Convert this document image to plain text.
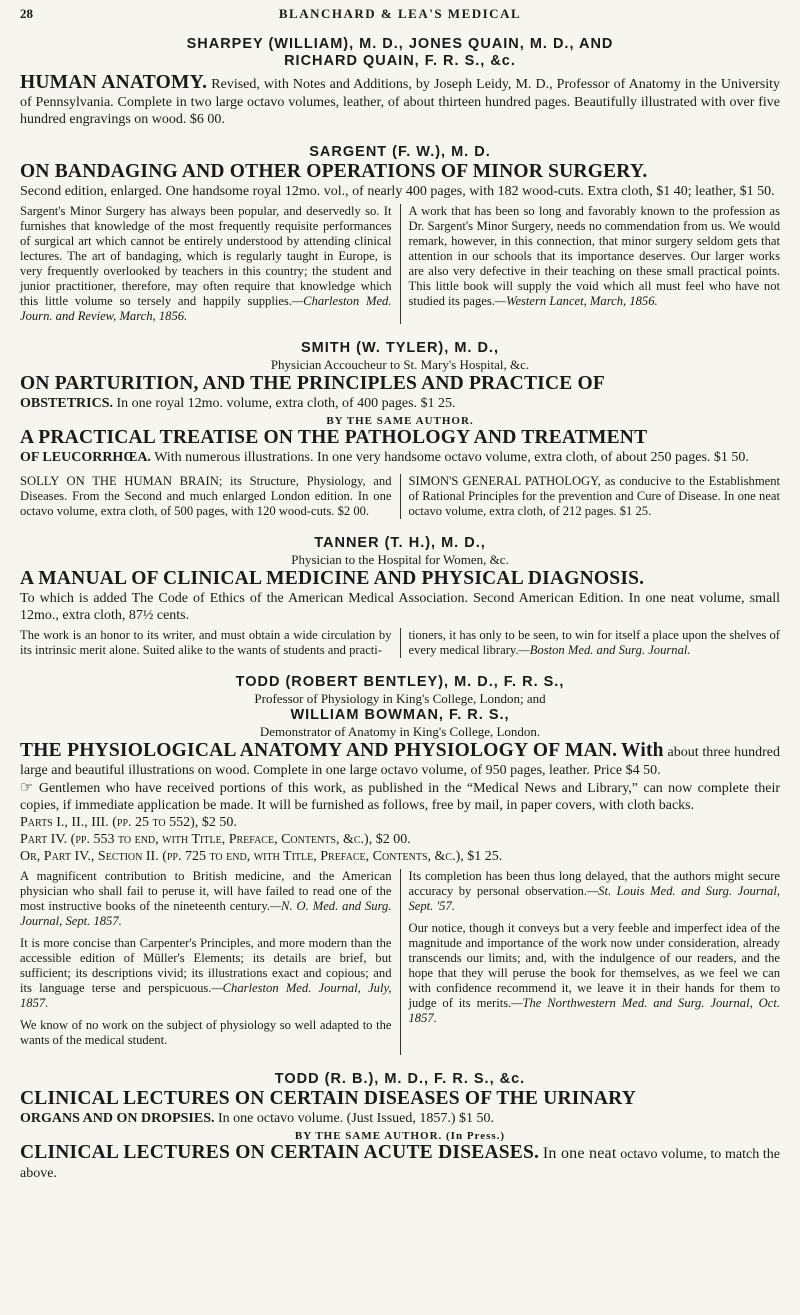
28	BLANCHARD & LEA'S MEDICAL
SHARPEY (WILLIAM), M. D., JONES QUAIN, M. D., AND
RICHARD QUAIN, F. R. S., &c.
HUMAN ANATOMY. Revised, with Notes and Additions, by Joseph Leidy, M. D., Professor of Anatomy in the University of Pennsylvania. Complete in two large octavo volumes, leather, of about thirteen hundred pages. Beautifully illustrated with over five hundred engravings on wood. $6 00.
SARGENT (F. W.), M. D.
ON BANDAGING AND OTHER OPERATIONS OF MINOR SURGERY.
Second edition, enlarged. One handsome royal 12mo. vol., of nearly 400 pages, with 182 wood-cuts. Extra cloth, $1 40; leather, $1 50.
Sargent's Minor Surgery has always been popular, and deservedly so. It furnishes that knowledge of the most frequently requisite performances of surgical art which cannot be entirely understood by attending clinical lectures. The art of bandaging, which is regularly taught in Europe, is very frequently overlooked by teachers in this country; the student and junior practitioner, therefore, may often require that knowledge which this little volume so tersely and happily supplies.—Charleston Med. Journ. and Review, March, 1856.
A work that has been so long and favorably known to the profession as Dr. Sargent's Minor Surgery, needs no commendation from us. We would remark, however, in this connection, that minor surgery seldom gets that attention in our schools that its importance deserves. Our larger works are also very defective in their teaching on these small practical points. This little book will supply the void which all must feel who have not studied its pages.—Western Lancet, March, 1856.
SMITH (W. TYLER), M. D.,
Physician Accoucheur to St. Mary's Hospital, &c.
ON PARTURITION, AND THE PRINCIPLES AND PRACTICE OF
OBSTETRICS. In one royal 12mo. volume, extra cloth, of 400 pages. $1 25.
BY THE SAME AUTHOR.
A PRACTICAL TREATISE ON THE PATHOLOGY AND TREATMENT
OF LEUCORRHŒA. With numerous illustrations. In one very handsome octavo volume, extra cloth, of about 250 pages. $1 50.
SOLLY ON THE HUMAN BRAIN; its Structure, Physiology, and Diseases. From the Second and much enlarged London edition. In one octavo volume, extra cloth, of 500 pages, with 120 wood-cuts. $2 00.
SIMON'S GENERAL PATHOLOGY, as conducive to the Establishment of Rational Principles for the prevention and Cure of Disease. In one neat octavo volume, extra cloth, of 212 pages. $1 25.
TANNER (T. H.), M. D.,
Physician to the Hospital for Women, &c.
A MANUAL OF CLINICAL MEDICINE AND PHYSICAL DIAGNOSIS.
To which is added The Code of Ethics of the American Medical Association. Second American Edition. In one neat volume, small 12mo., extra cloth, 87½ cents.
The work is an honor to its writer, and must obtain a wide circulation by its intrinsic merit alone. Suited alike to the wants of students and practi-
tioners, it has only to be seen, to win for itself a place upon the shelves of every medical library.—Boston Med. and Surg. Journal.
TODD (ROBERT BENTLEY), M. D., F. R. S.,
Professor of Physiology in King's College, London; and
WILLIAM BOWMAN, F. R. S.,
Demonstrator of Anatomy in King's College, London.
THE PHYSIOLOGICAL ANATOMY AND PHYSIOLOGY OF MAN. With about three hundred large and beautiful illustrations on wood. Complete in one large octavo volume, of 950 pages, leather. Price $4 50.
☞ Gentlemen who have received portions of this work, as published in the “Medical News and Library,” can now complete their copies, if immediate application be made. It will be furnished as follows, free by mail, in paper covers, with cloth backs.
Parts I., II., III. (pp. 25 to 552), $2 50.
Part IV. (pp. 553 to end, with Title, Preface, Contents, &c.), $2 00.
Or, Part IV., Section II. (pp. 725 to end, with Title, Preface, Contents, &c.), $1 25.

A magnificent contribution to British medicine, and the American physician who shall fail to peruse it, will have failed to read one of the most instructive books of the nineteenth century.—N. O. Med. and Surg. Journal, Sept. 1857.

It is more concise than Carpenter's Principles, and more modern than the accessible edition of Müller's Elements; its details are brief, but sufficient; its descriptions vivid; its illustrations exact and copious; and its language terse and perspicuous.—Charleston Med. Journal, July, 1857.

We know of no work on the subject of physiology so well adapted to the wants of the medical student.

Its completion has been thus long delayed, that the authors might secure accuracy by personal observation.—St. Louis Med. and Surg. Journal, Sept. '57.

Our notice, though it conveys but a very feeble and imperfect idea of the magnitude and importance of the work now under consideration, already transcends our limits; and, with the indulgence of our readers, and the hope that they will peruse the book for themselves, as we feel we can with confidence recommend it, we leave it in their hands for them to judge of its merits.—The Northwestern Med. and Surg. Journal, Oct. 1857.

TODD (R. B.), M. D., F. R. S., &c.
CLINICAL LECTURES ON CERTAIN DISEASES OF THE URINARY
ORGANS AND ON DROPSIES. In one octavo volume. (Just Issued, 1857.) $1 50.
BY THE SAME AUTHOR. (In Press.)
CLINICAL LECTURES ON CERTAIN ACUTE DISEASES. In one neat octavo volume, to match the above.
